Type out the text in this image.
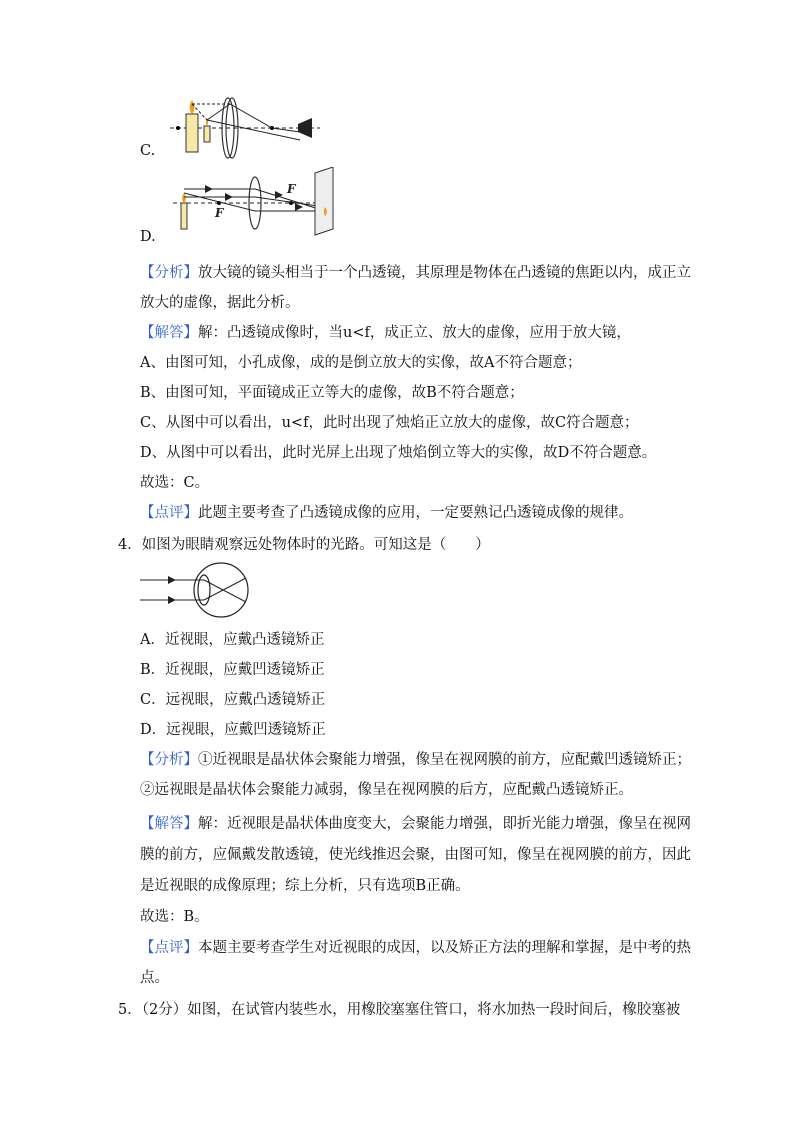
C.
F
F
D.
【分析】放大镜的镜头相当于一个凸透镜，其原理是物体在凸透镜的焦距以内，成正立
放大的虚像，据此分析。
【解答】解：凸透镜成像时，当u<f，成正立、放大的虚像，应用于放大镜，
A、由图可知，小孔成像，成的是倒立放大的实像，故A不符合题意；
B、由图可知，平面镜成正立等大的虚像，故B不符合题意；
C、从图中可以看出，u<f，此时出现了烛焰正立放大的虚像，故C符合题意；
D、从图中可以看出，此时光屏上出现了烛焰倒立等大的实像，故D不符合题意。
故选：C。
【点评】此题主要考查了凸透镜成像的应用，一定要熟记凸透镜成像的规律。
4．如图为眼睛观察远处物体时的光路。可知这是（　　）
A．近视眼，应戴凸透镜矫正
B．近视眼，应戴凹透镜矫正
C．远视眼，应戴凸透镜矫正
D．远视眼，应戴凹透镜矫正
【分析】①近视眼是晶状体会聚能力增强，像呈在视网膜的前方，应配戴凹透镜矫正；
②远视眼是晶状体会聚能力减弱，像呈在视网膜的后方，应配戴凸透镜矫正。
【解答】解：近视眼是晶状体曲度变大，会聚能力增强，即折光能力增强，像呈在视网
膜的前方，应佩戴发散透镜，使光线推迟会聚，由图可知，像呈在视网膜的前方，因此
是近视眼的成像原理；综上分析，只有选项B正确。
故选：B。
【点评】本题主要考查学生对近视眼的成因，以及矫正方法的理解和掌握，是中考的热
点。
5．（2分）如图，在试管内装些水，用橡胶塞塞住管口，将水加热一段时间后，橡胶塞被
